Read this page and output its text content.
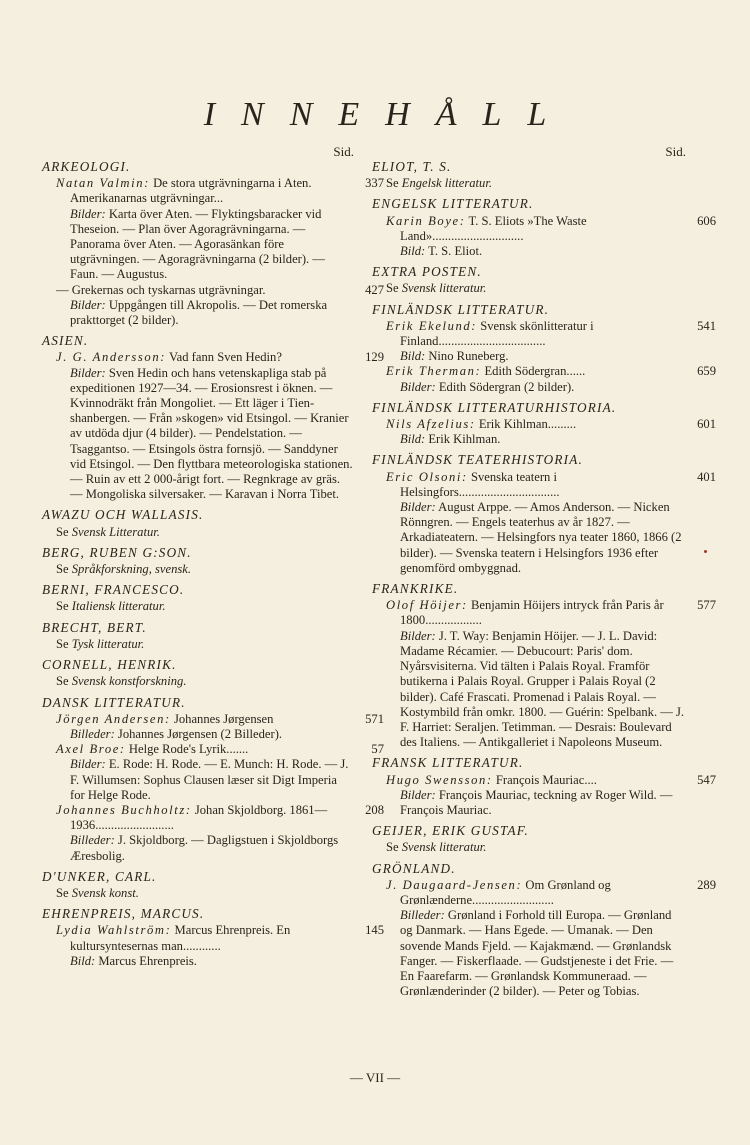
INNEHÅLL
Sid.
ARKEOLOGI.
337
Natan Valmin: De stora utgrävningarna i Aten. Amerikanarnas utgrävningar...
Bilder: Karta över Aten. — Flyktingsbaracker vid Theseion. — Plan över Agoragrävningarna. — Panorama över Aten. — Agorasänkan före utgrävningen. — Agoragrävningarna (2 bilder). — Faun. — Augustus.
427
— Grekernas och tyskarnas utgrävningar.
Bilder: Uppgången till Akropolis. — Det romerska prakttorget (2 bilder).
ASIEN.
129
J. G. Andersson: Vad fann Sven Hedin?
Bilder: Sven Hedin och hans vetenskapliga stab på expeditionen 1927—34. — Erosionsrest i öknen. — Kvinnodräkt från Mongoliet. — Ett läger i Tien-shanbergen. — Från »skogen» vid Etsingol. — Kranier av utdöda djur (4 bilder). — Pendelstation. — Tsaggantso. — Etsingols östra fornsjö. — Sanddyner vid Etsingol. — Den flyttbara meteorologiska stationen. — Ruin av ett 2 000-årigt fort. — Regnkrage av gräs. — Mongoliska silversaker. — Karavan i Norra Tibet.
AWAZU OCH WALLASIS.
Se Svensk Litteratur.
BERG, RUBEN G:SON.
Se Språkforskning, svensk.
BERNI, FRANCESCO.
Se Italiensk litteratur.
BRECHT, BERT.
Se Tysk litteratur.
CORNELL, HENRIK.
Se Svensk konstforskning.
DANSK LITTERATUR.
571
Jörgen Andersen: Johannes Jørgensen
Billeder: Johannes Jørgensen (2 Billeder).
57
Axel Broe: Helge Rode's Lyrik.......
Bilder: E. Rode: H. Rode. — E. Munch: H. Rode. — J. F. Willumsen: Sophus Clausen læser sit Digt Imperia for Helge Rode.
208
Johannes Buchholtz: Johan Skjoldborg. 1861—1936.........................
Billeder: J. Skjoldborg. — Dagligstuen i Skjoldborgs Æresbolig.
D'UNKER, CARL.
Se Svensk konst.
EHRENPREIS, MARCUS.
145
Lydia Wahlström: Marcus Ehrenpreis. En kultursyntesernas man............
Bild: Marcus Ehrenpreis.
Sid.
ELIOT, T. S.
Se Engelsk litteratur.
ENGELSK LITTERATUR.
606
Karin Boye: T. S. Eliots »The Waste Land».............................
Bild: T. S. Eliot.
EXTRA POSTEN.
Se Svensk litteratur.
FINLÄNDSK LITTERATUR.
541
Erik Ekelund: Svensk skönlitteratur i Finland..................................
Bild: Nino Runeberg.
659
Erik Therman: Edith Södergran......
Bilder: Edith Södergran (2 bilder).
FINLÄNDSK LITTERATURHISTORIA.
601
Nils Afzelius: Erik Kihlman.........
Bild: Erik Kihlman.
FINLÄNDSK TEATERHISTORIA.
401
Eric Olsoni: Svenska teatern i Helsingfors................................
Bilder: August Arppe. — Amos Anderson. — Nicken Rönngren. — Engels teaterhus av år 1827. — Arkadiateatern. — Helsingfors nya teater 1860, 1866 (2 bilder). — Svenska teatern i Helsingfors 1936 efter genomförd ombyggnad.
FRANKRIKE.
577
Olof Höijer: Benjamin Höijers intryck från Paris år 1800..................
Bilder: J. T. Way: Benjamin Höijer. — J. L. David: Madame Récamier. — Debucourt: Paris' dom. Nyårsvisiterna. Vid tälten i Palais Royal. Framför butikerna i Palais Royal. Grupper i Palais Royal (2 bilder). Café Frascati. Promenad i Palais Royal. — Kostymbild från omkr. 1800. — Guérin: Spelbank. — J. F. Harriet: Seraljen. Tetimman. — Desrais: Boulevard des Italiens. — Antikgalleriet i Napoleons Museum.
FRANSK LITTERATUR.
547
Hugo Swensson: François Mauriac....
Bilder: François Mauriac, teckning av Roger Wild. — François Mauriac.
GEIJER, ERIK GUSTAF.
Se Svensk litteratur.
GRÖNLAND.
289
J. Daugaard-Jensen: Om Grønland og Grønlænderne..........................
Billeder: Grønland i Forhold till Europa. — Grønland og Danmark. — Hans Egede. — Umanak. — Den sovende Mands Fjeld. — Kajakmænd. — Grønlandsk Fanger. — Fiskerflaade. — Gudstjeneste i det Frie. — En Faarefarm. — Grønlandsk Kommuneraad. — Grønlænderinder (2 bilder). — Peter og Tobias.
— VII —
